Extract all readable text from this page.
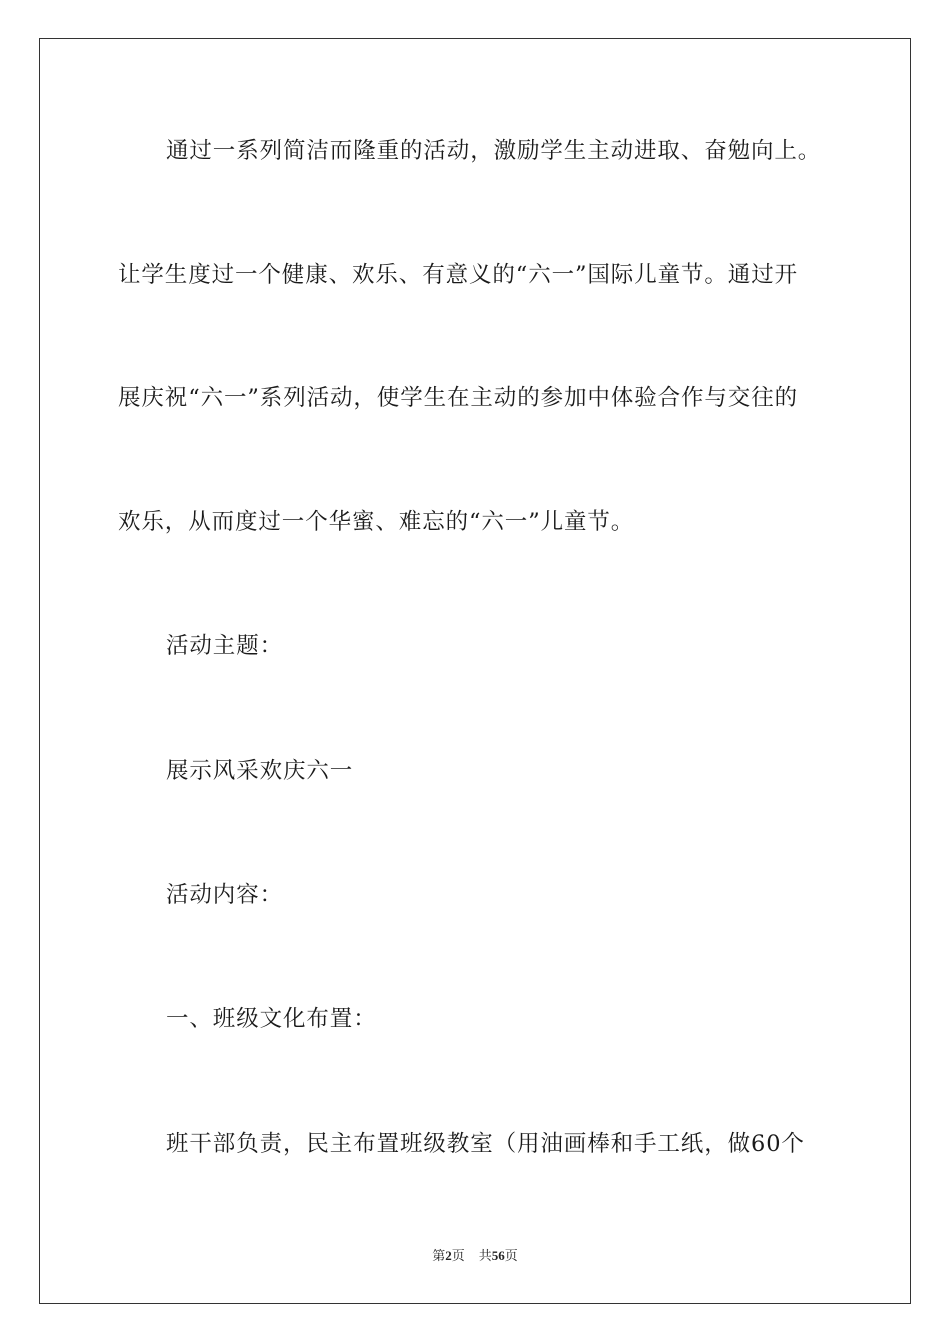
通过一系列简洁而隆重的活动，激励学生主动进取、奋勉向上。
让学生度过一个健康、欢乐、有意义的“六一”国际儿童节。通过开
展庆祝“六一”系列活动，使学生在主动的参加中体验合作与交往的
欢乐，从而度过一个华蜜、难忘的“六一”儿童节。
活动主题：
展示风采欢庆六一
活动内容：
一、班级文化布置：
班干部负责，民主布置班级教室（用油画棒和手工纸，做60个
第2页 共56页
